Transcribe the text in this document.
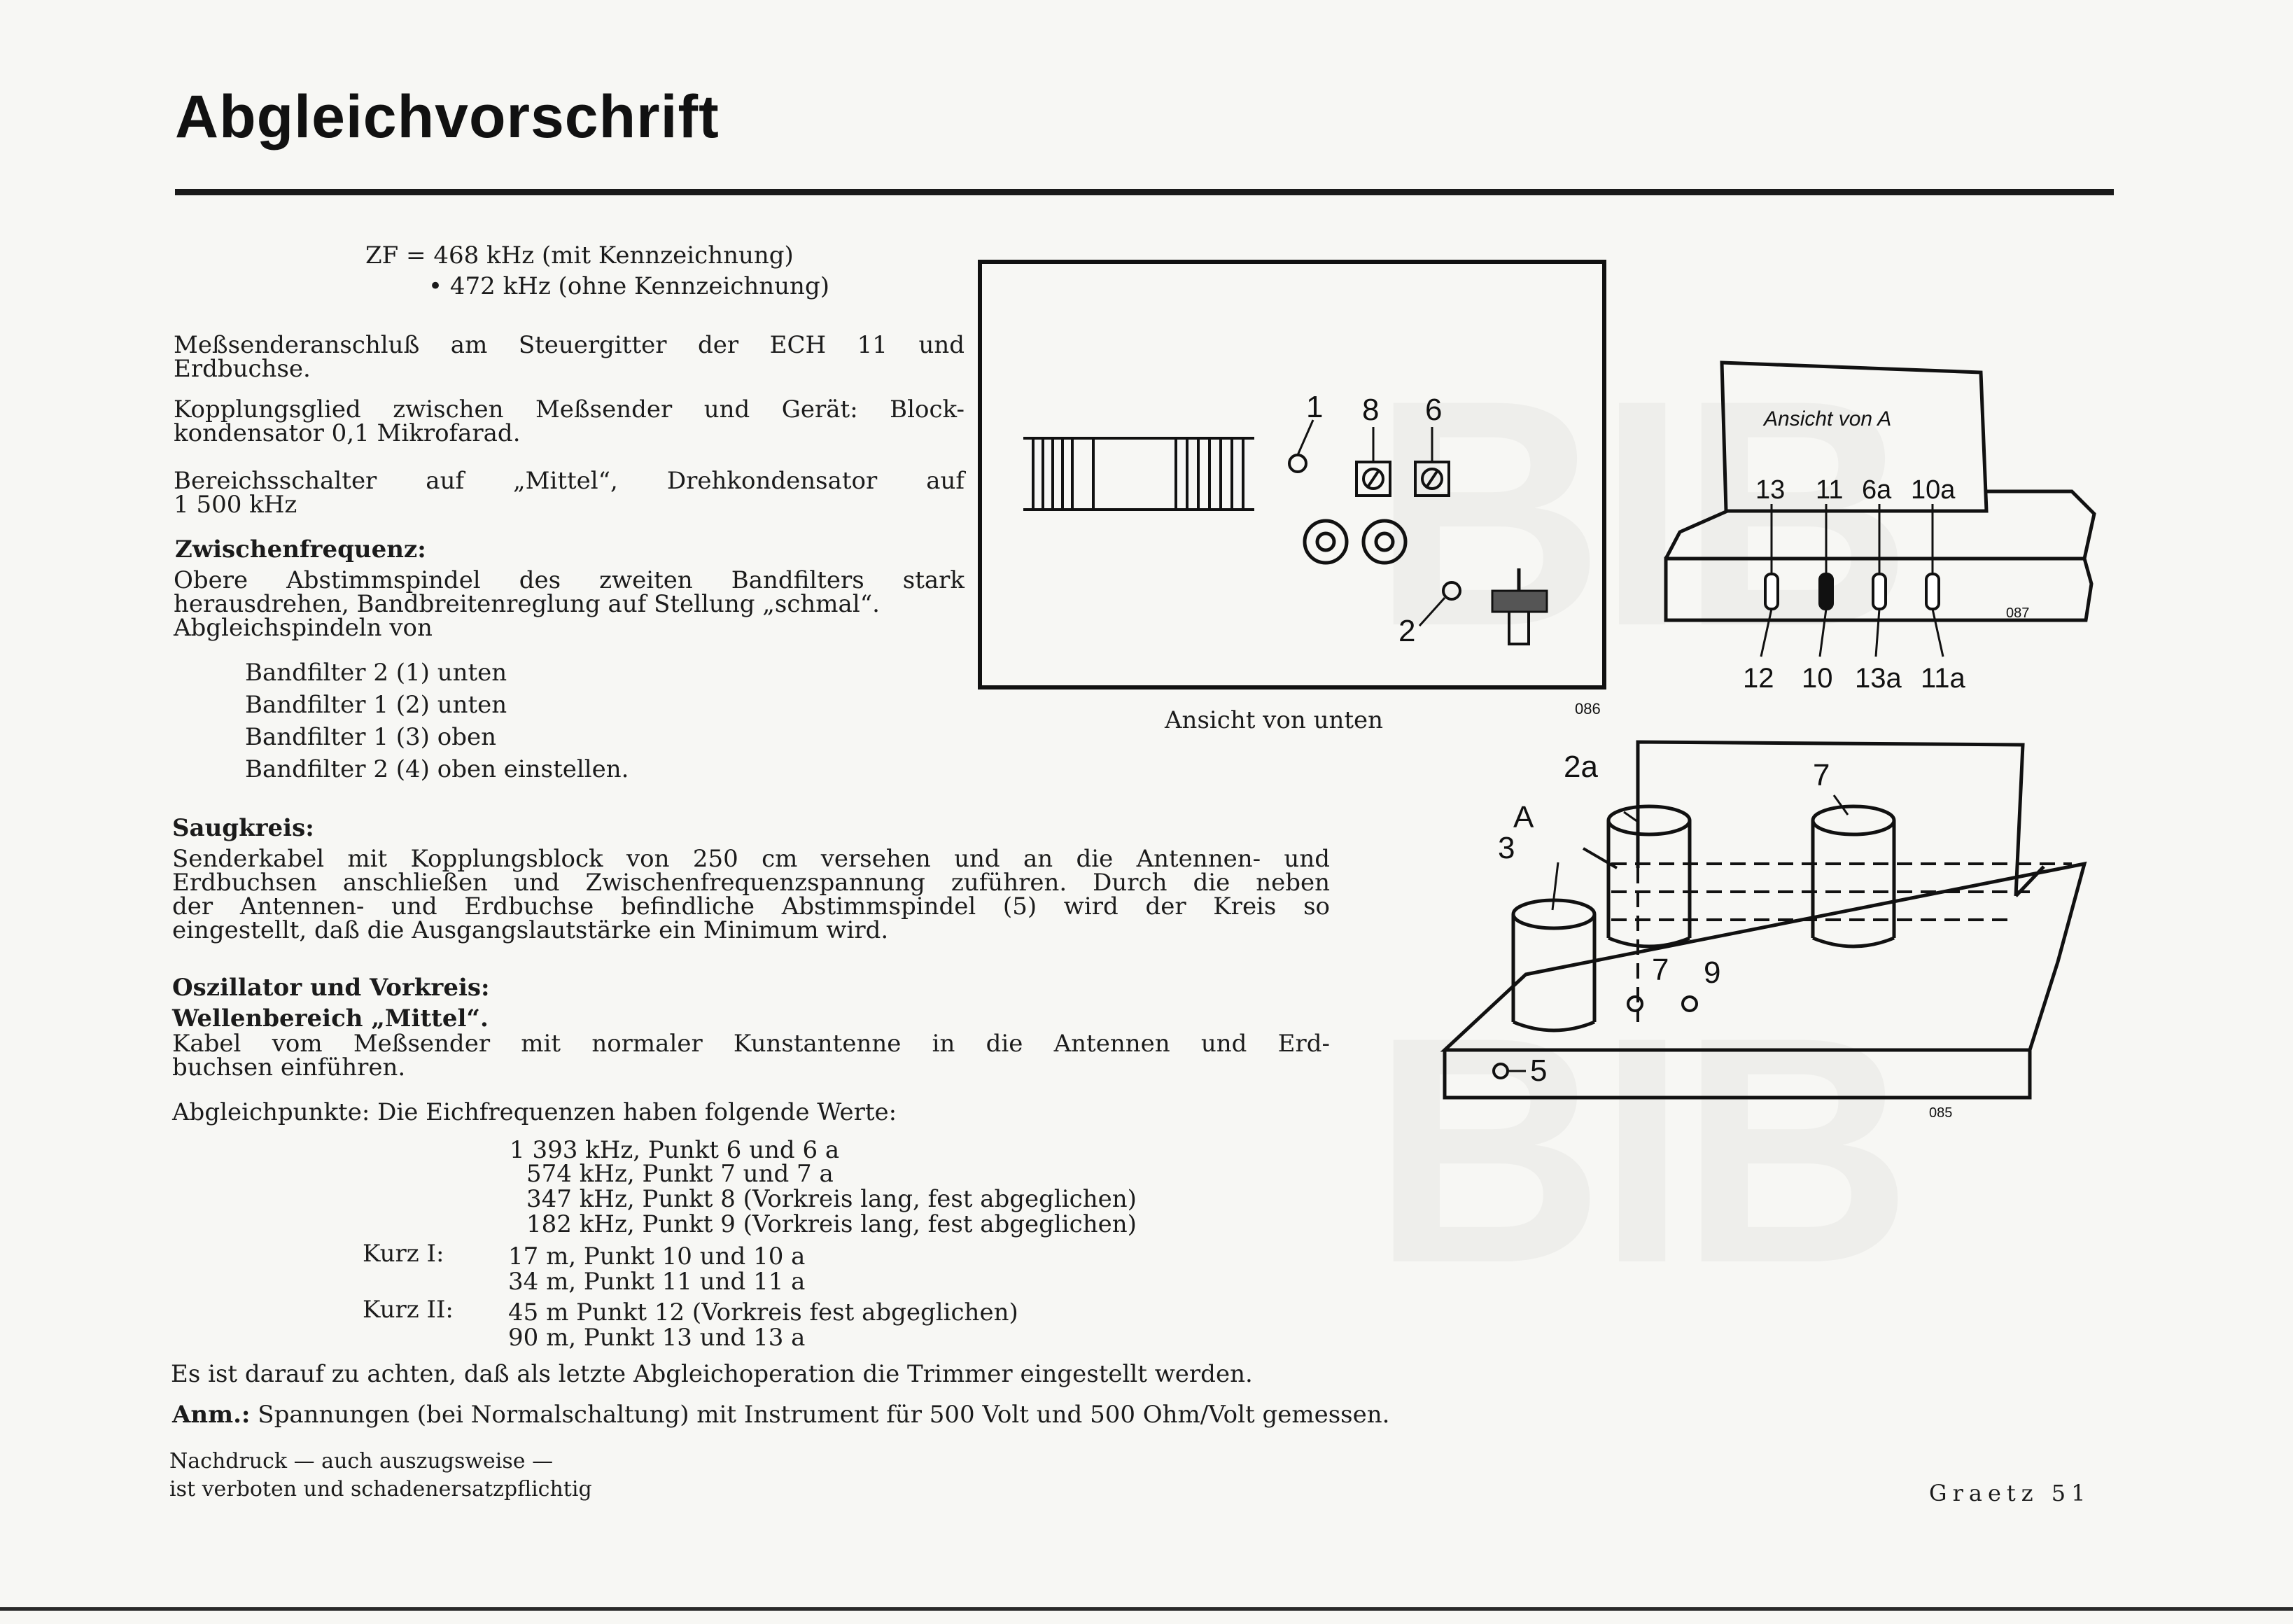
Abgleichvorschrift
ZF = 468 kHz (mit Kennzeichnung)
• 472 kHz (ohne Kennzeichnung)
Meßsenderanschluß am Steuergitter der ECH 11 und
Erdbuchse.
Kopplungsglied zwischen Meßsender und Gerät: Block-
kondensator 0,1 Mikrofarad.
Bereichsschalter auf „Mittel“, Drehkondensator auf
1 500 kHz
Zwischenfrequenz:
Obere Abstimmspindel des zweiten Bandfilters stark
herausdrehen, Bandbreitenreglung auf Stellung „schmal“.
Abgleichspindeln von
Bandfilter 2 (1) unten
Bandfilter 1 (2) unten
Bandfilter 1 (3) oben
Bandfilter 2 (4) oben einstellen.
Saugkreis:
Senderkabel mit Kopplungsblock von 250 cm versehen und an die Antennen- und
Erdbuchsen anschließen und Zwischenfrequenzspannung zuführen. Durch die neben
der Antennen- und Erdbuchse befindliche Abstimmspindel (5) wird der Kreis so
eingestellt, daß die Ausgangslautstärke ein Minimum wird.
Oszillator und Vorkreis:
Wellenbereich „Mittel“.
Kabel vom Meßsender mit normaler Kunstantenne in die Antennen und Erd-
buchsen einführen.
Abgleichpunkte: Die Eichfrequenzen haben folgende Werte:
1 393 kHz, Punkt 6 und 6 a
574 kHz, Punkt 7 und 7 a
347 kHz, Punkt 8 (Vorkreis lang, fest abgeglichen)
182 kHz, Punkt 9 (Vorkreis lang, fest abgeglichen)
Kurz I:	17 m, Punkt 10 und 10 a
34 m, Punkt 11 und 11 a
Kurz II: 45 m Punkt 12 (Vorkreis fest abgeglichen)
90 m, Punkt 13 und 13 a
Es ist darauf zu achten, daß als letzte Abgleichoperation die Trimmer eingestellt werden.
Anm.: Spannungen (bei Normalschaltung) mit Instrument für 500 Volt und 500 Ohm/Volt gemessen.
Nachdruck — auch auszugsweise —
ist verboten und schadenersatzpflichtig	Graetz 51
1 8 6
2
086
Ansicht von unten
Ansicht von A
13 11 6a 10a
12 10 13a 11a
087
A
2a
3
7
7 9
5
085
